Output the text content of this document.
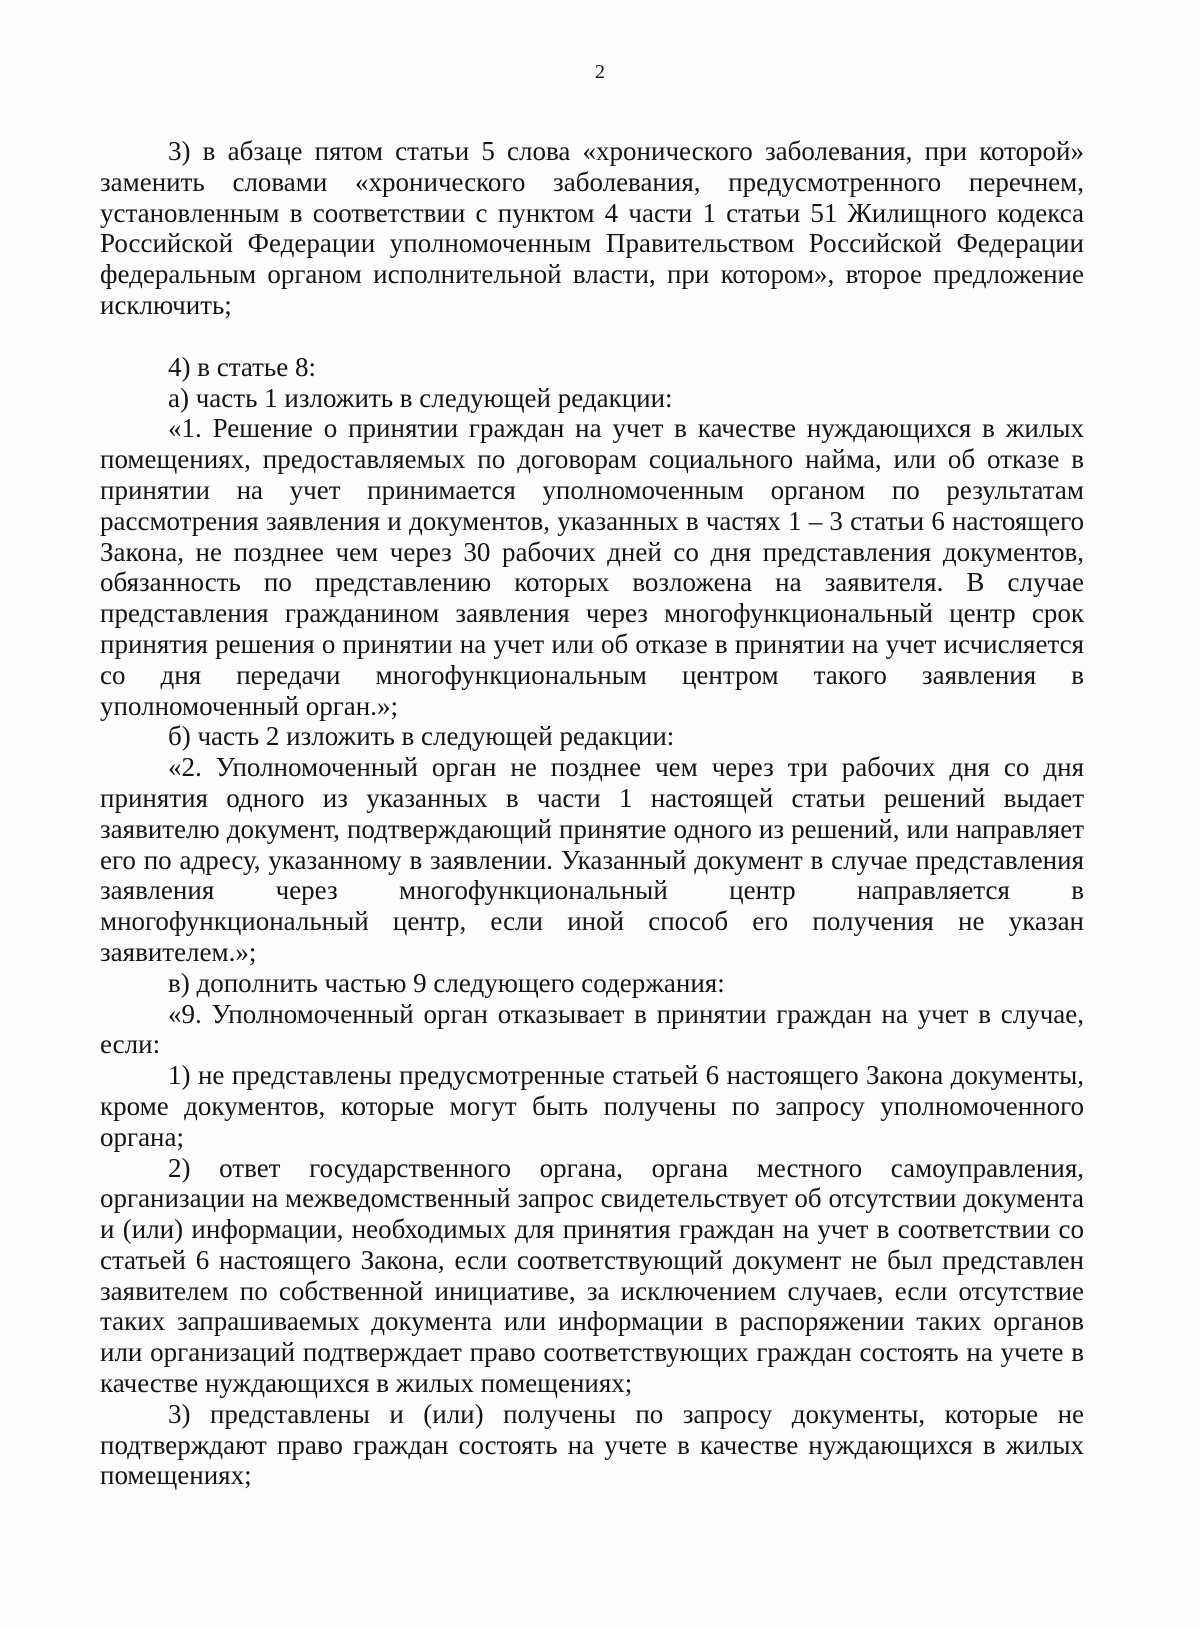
2

3) в абзаце пятом статьи 5 слова «хронического заболевания, при которой» заменить словами «хронического заболевания, предусмотренного перечнем, установленным в соответствии с пунктом 4 части 1 статьи 51 Жилищного кодекса Российской Федерации уполномоченным Правительством Российской Федерации федеральным органом исполнительной власти, при котором», второе предложение исключить;

4) в статье 8:

а) часть 1 изложить в следующей редакции:

«1. Решение о принятии граждан на учет в качестве нуждающихся в жилых помещениях, предоставляемых по договорам социального найма, или об отказе в принятии на учет принимается уполномоченным органом по результатам рассмотрения заявления и документов, указанных в частях 1 – 3 статьи 6 настоящего Закона, не позднее чем через 30 рабочих дней со дня представления документов, обязанность по представлению которых возложена на заявителя. В случае представления гражданином заявления через многофункциональный центр срок принятия решения о принятии на учет или об отказе в принятии на учет исчисляется со дня передачи многофункциональным центром такого заявления в уполномоченный орган.»;

б) часть 2 изложить в следующей редакции:

«2. Уполномоченный орган не позднее чем через три рабочих дня со дня принятия одного из указанных в части 1 настоящей статьи решений выдает заявителю документ, подтверждающий принятие одного из решений, или направляет его по адресу, указанному в заявлении. Указанный документ в случае представления заявления через многофункциональный центр направляется в многофункциональный центр, если иной способ его получения не указан заявителем.»;

в) дополнить частью 9 следующего содержания:

«9. Уполномоченный орган отказывает в принятии граждан на учет в случае, если:

1) не представлены предусмотренные статьей 6 настоящего Закона документы, кроме документов, которые могут быть получены по запросу уполномоченного органа;

2) ответ государственного органа, органа местного самоуправления, организации на межведомственный запрос свидетельствует об отсутствии документа и (или) информации, необходимых для принятия граждан на учет в соответствии со статьей 6 настоящего Закона, если соответствующий документ не был представлен заявителем по собственной инициативе, за исключением случаев, если отсутствие таких запрашиваемых документа или информации в распоряжении таких органов или организаций подтверждает право соответствующих граждан состоять на учете в качестве нуждающихся в жилых помещениях;

3) представлены и (или) получены по запросу документы, которые не подтверждают право граждан состоять на учете в качестве нуждающихся в жилых помещениях;
